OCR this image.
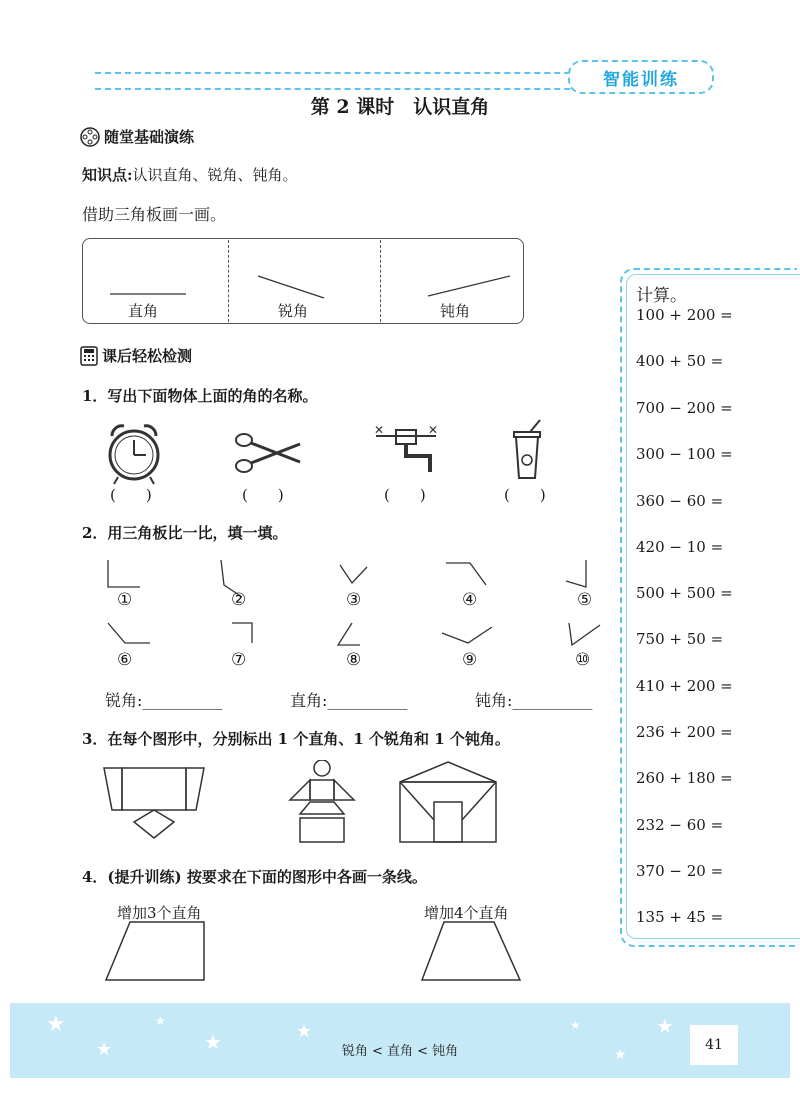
智能训练
第 2 课时　认识直角
随堂基础演练
知识点:认识直角、锐角、钝角。
借助三角板画一画。
直角	锐角	钝角
课后轻松检测
1．写出下面物体上面的角的名称。
✕	✕
(　　)	(　　)	(　　)	(　　)
2．用三角板比一比，填一填。
①	②	③	④	⑤
⑥	⑦	⑧	⑨	⑩
锐角:__________	直角:__________	钝角:__________
3．在每个图形中，分别标出 1 个直角、1 个锐角和 1 个钝角。
4．(提升训练) 按要求在下面的图形中各画一条线。
增加3个直角	增加4个直角
计算。
100 + 200 =
400 + 50 =
700 − 200 =
300 − 100 =
360 − 60 =
420 − 10 =
500 + 500 =
750 + 50 =
410 + 200 =
236 + 200 =
260 + 180 =
232 − 60 =
370 − 20 =
135 + 45 =
★
★
★
★	★	★	★
★
锐角 < 直角 < 钝角	41
